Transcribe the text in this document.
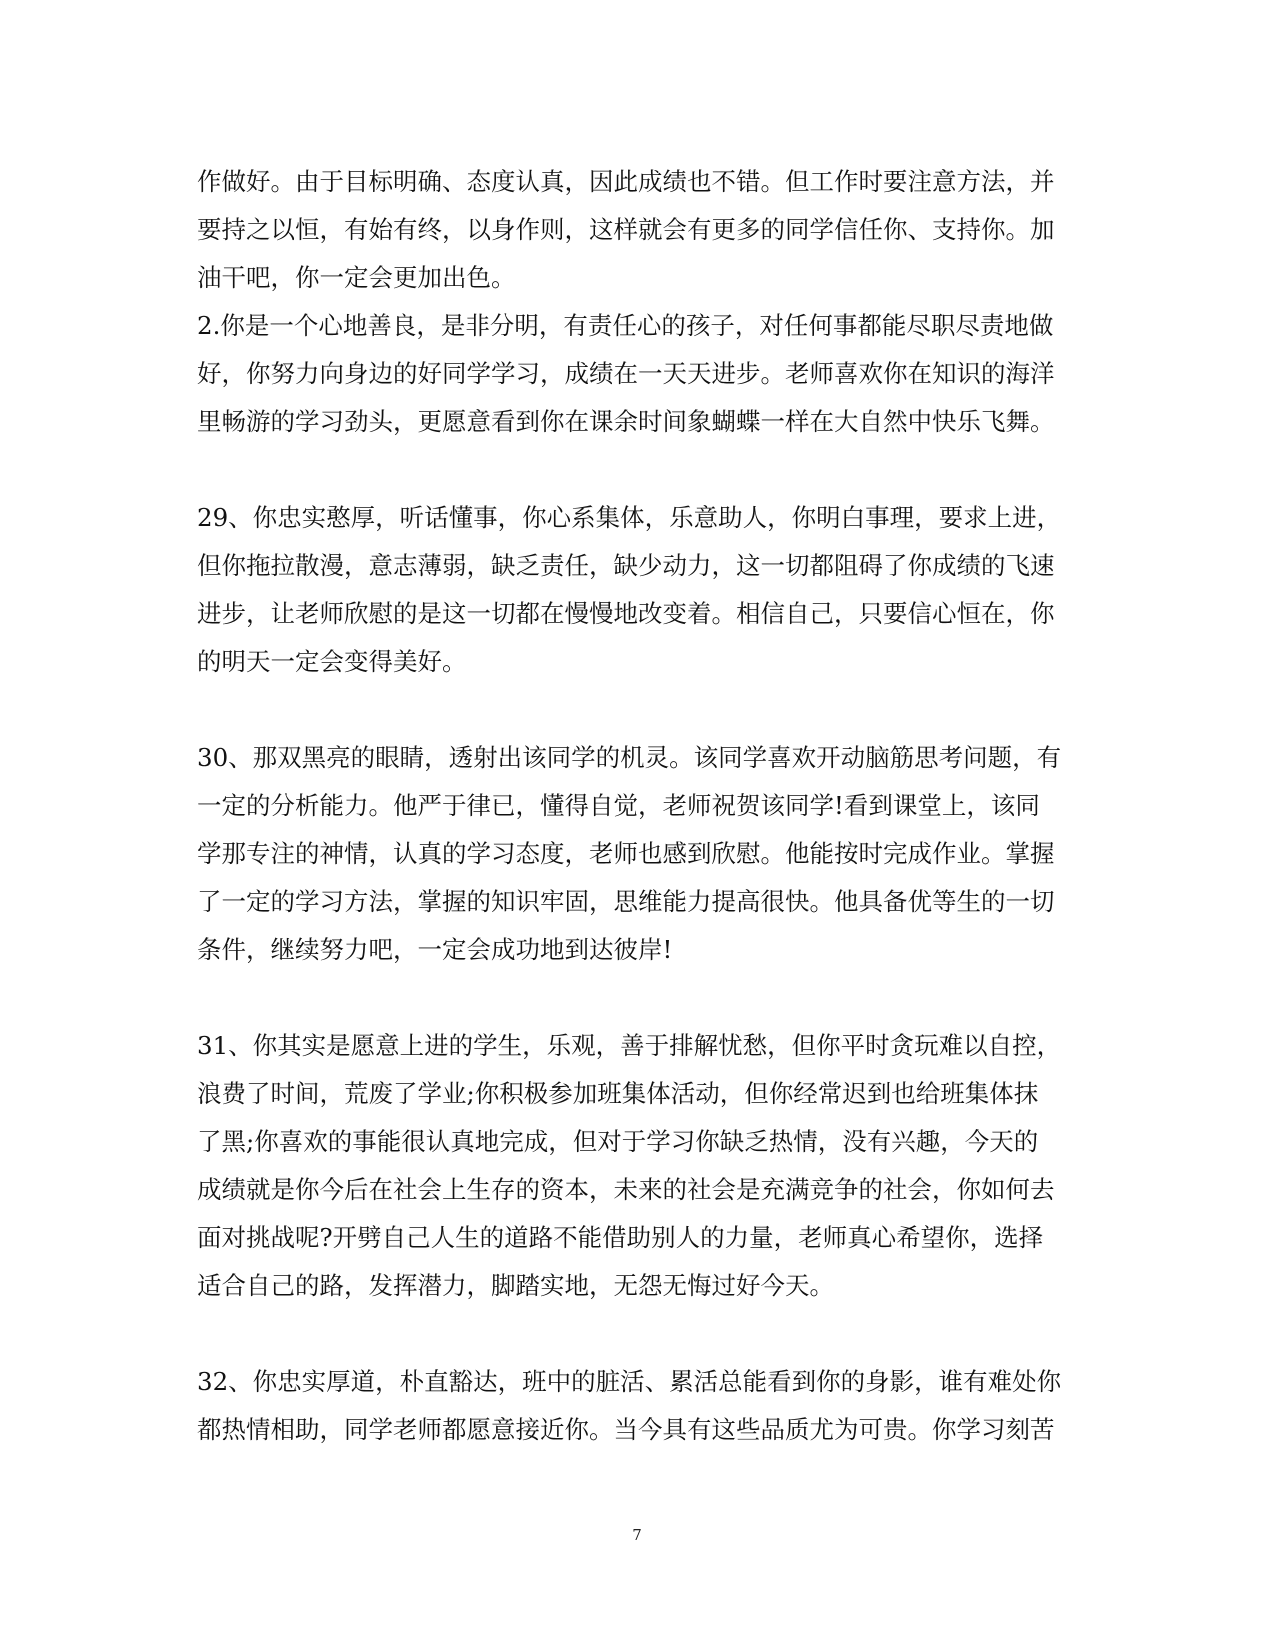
作做好。由于目标明确、态度认真，因此成绩也不错。但工作时要注意方法，并
要持之以恒，有始有终，以身作则，这样就会有更多的同学信任你、支持你。加
油干吧，你一定会更加出色。
2.你是一个心地善良，是非分明，有责任心的孩子，对任何事都能尽职尽责地做
好，你努力向身边的好同学学习，成绩在一天天进步。老师喜欢你在知识的海洋
里畅游的学习劲头，更愿意看到你在课余时间象蝴蝶一样在大自然中快乐飞舞。
29、你忠实憨厚，听话懂事，你心系集体，乐意助人，你明白事理，要求上进，
但你拖拉散漫，意志薄弱，缺乏责任，缺少动力，这一切都阻碍了你成绩的飞速
进步，让老师欣慰的是这一切都在慢慢地改变着。相信自己，只要信心恒在，你
的明天一定会变得美好。
30、那双黑亮的眼睛，透射出该同学的机灵。该同学喜欢开动脑筋思考问题，有
一定的分析能力。他严于律已，懂得自觉，老师祝贺该同学!看到课堂上，该同
学那专注的神情，认真的学习态度，老师也感到欣慰。他能按时完成作业。掌握
了一定的学习方法，掌握的知识牢固，思维能力提高很快。他具备优等生的一切
条件，继续努力吧，一定会成功地到达彼岸!
31、你其实是愿意上进的学生，乐观，善于排解忧愁，但你平时贪玩难以自控，
浪费了时间，荒废了学业;你积极参加班集体活动，但你经常迟到也给班集体抹
了黑;你喜欢的事能很认真地完成，但对于学习你缺乏热情，没有兴趣，今天的
成绩就是你今后在社会上生存的资本，未来的社会是充满竞争的社会，你如何去
面对挑战呢?开劈自己人生的道路不能借助别人的力量，老师真心希望你，选择
适合自己的路，发挥潜力，脚踏实地，无怨无悔过好今天。
32、你忠实厚道，朴直豁达，班中的脏活、累活总能看到你的身影，谁有难处你
都热情相助，同学老师都愿意接近你。当今具有这些品质尤为可贵。你学习刻苦
7
